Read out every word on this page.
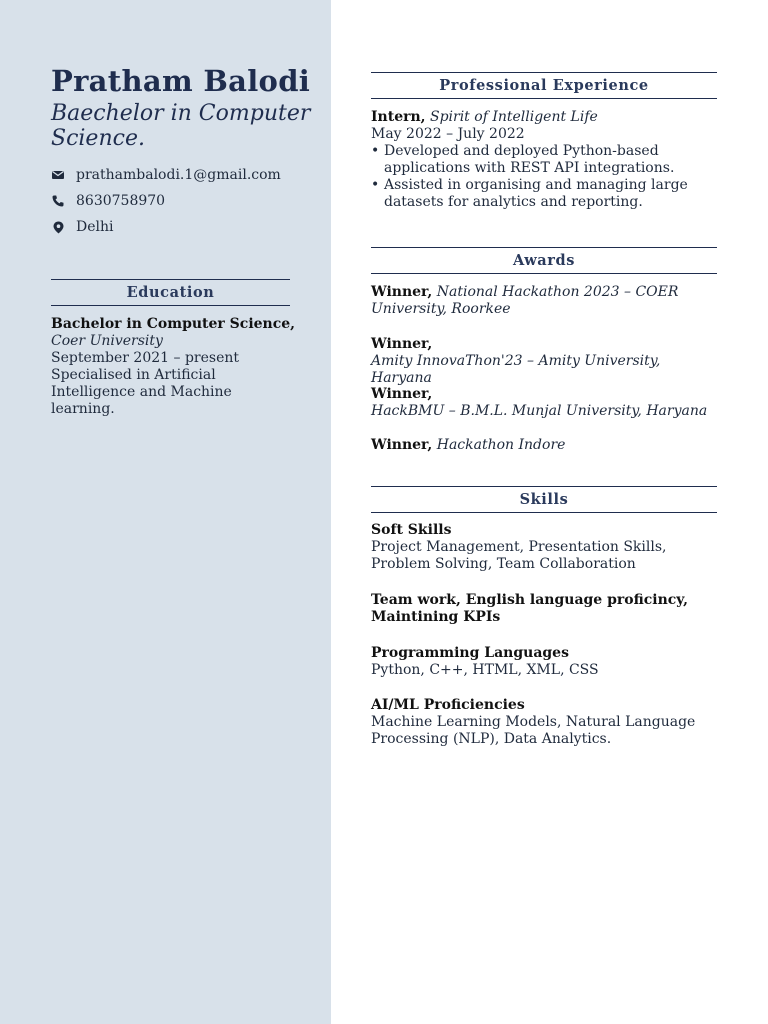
Pratham Balodi
Baechelor in Computer Science.
prathambalodi.1@gmail.com
8630758970
Delhi
Education
Bachelor in Computer Science,
Coer University
September 2021 – present
Specialised in Artificial Intelligence and Machine learning.
Professional Experience
Intern, Spirit of Intelligent Life
May 2022 – July 2022
• Developed and deployed Python-based applications with REST API integrations.
• Assisted in organising and managing large datasets for analytics and reporting.
Awards
Winner, National Hackathon 2023 – COER University, Roorkee
Winner,
Amity InnovaThon'23 – Amity University, Haryana
Winner,
HackBMU – B.M.L. Munjal University, Haryana
Winner, Hackathon Indore
Skills
Soft Skills
Project Management, Presentation Skills, Problem Solving, Team Collaboration
Team work, English language proficincy, Maintining KPIs
Programming Languages
Python, C++, HTML, XML, CSS
AI/ML Proficiencies
Machine Learning Models, Natural Language Processing (NLP), Data Analytics.
